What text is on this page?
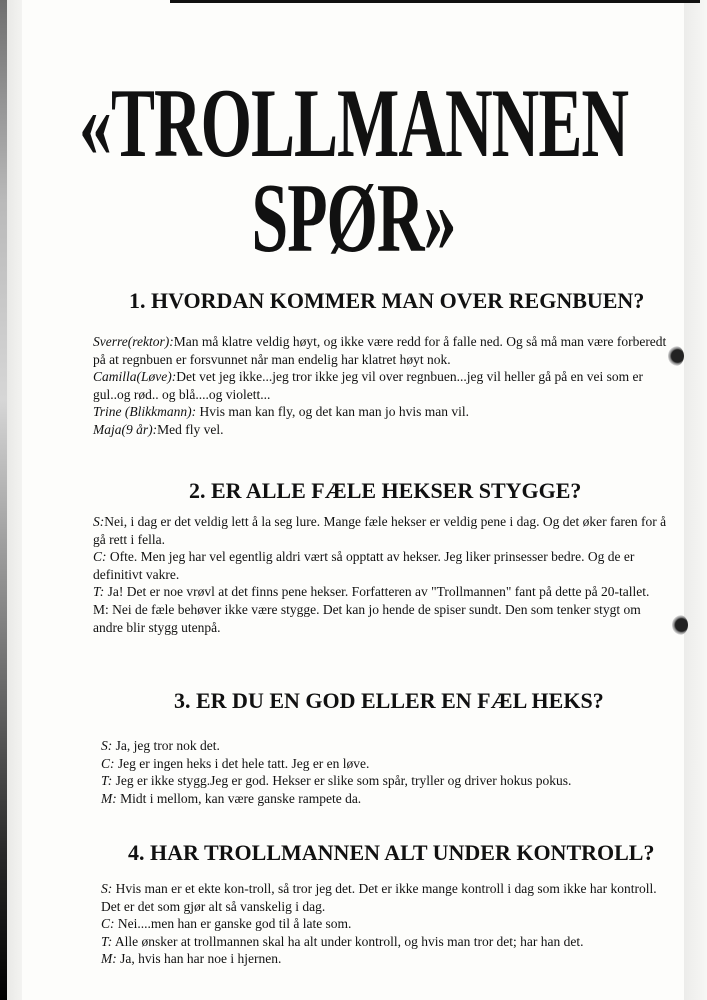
«TROLLMANNEN
SPØR»
1. HVORDAN KOMMER MAN OVER REGNBUEN?

Sverre(rektor):Man må klatre veldig høyt, og ikke være redd for å falle ned. Og så må man være forberedt på at regnbuen er forsvunnet når man endelig har klatret høyt nok.

Camilla(Løve):Det vet jeg ikke...jeg tror ikke jeg vil over regnbuen...jeg vil heller gå på en vei som er gul..og rød.. og blå....og violett...

Trine (Blikkmann): Hvis man kan fly, og det kan man jo hvis man vil.

Maja(9 år):Med fly vel.

2. ER ALLE FÆLE HEKSER STYGGE?

S:Nei, i dag er det veldig lett å la seg lure. Mange fæle hekser er veldig pene i dag. Og det øker faren for å gå rett i fella.

C: Ofte. Men jeg har vel egentlig aldri vært så opptatt av hekser. Jeg liker prinsesser bedre. Og de er definitivt vakre.

T: Ja! Det er noe vrøvl at det finns pene hekser. Forfatteren av "Trollmannen" fant på dette på 20-tallet.

M: Nei de fæle behøver ikke være stygge. Det kan jo hende de spiser sundt. Den som tenker stygt om andre blir stygg utenpå.

3. ER DU EN GOD ELLER EN FÆL HEKS?

S: Ja, jeg tror nok det.

C: Jeg er ingen heks i det hele tatt. Jeg er en løve.

T: Jeg er ikke stygg.Jeg er god. Hekser er slike som spår, tryller og driver hokus pokus.

M: Midt i mellom, kan være ganske rampete da.

4. HAR TROLLMANNEN ALT UNDER KONTROLL?

S: Hvis man er et ekte kon-troll, så tror jeg det. Det er ikke mange kontroll i dag som ikke har kontroll. Det er det som gjør alt så vanskelig i dag.

C: Nei....men han er ganske god til å late som.

T: Alle ønsker at trollmannen skal ha alt under kontroll, og hvis man tror det; har han det.

M: Ja, hvis han har noe i hjernen.
